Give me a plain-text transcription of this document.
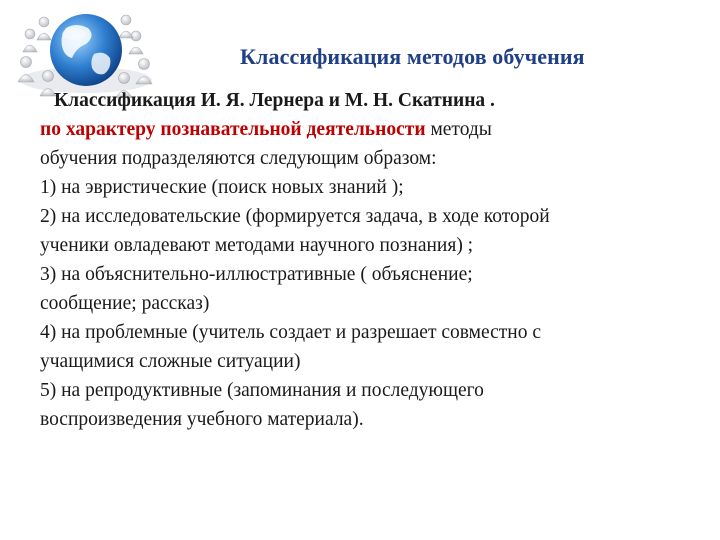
Классификация методов обучения
Классификация И. Я. Лернера и М. Н. Скатнина .
по характеру познавательной деятельности методы
обучения подразделяются следующим образом:
1) на эвристические (поиск новых знаний );
2) на исследовательские (формируется задача, в ходе которой
ученики овладевают методами научного познания) ;
3) на объяснительно-иллюстративные ( объяснение;
сообщение; рассказ)
4) на проблемные (учитель создает и разрешает совместно с
учащимися сложные ситуации)
5) на репродуктивные (запоминания и последующего
воспроизведения учебного материала).
